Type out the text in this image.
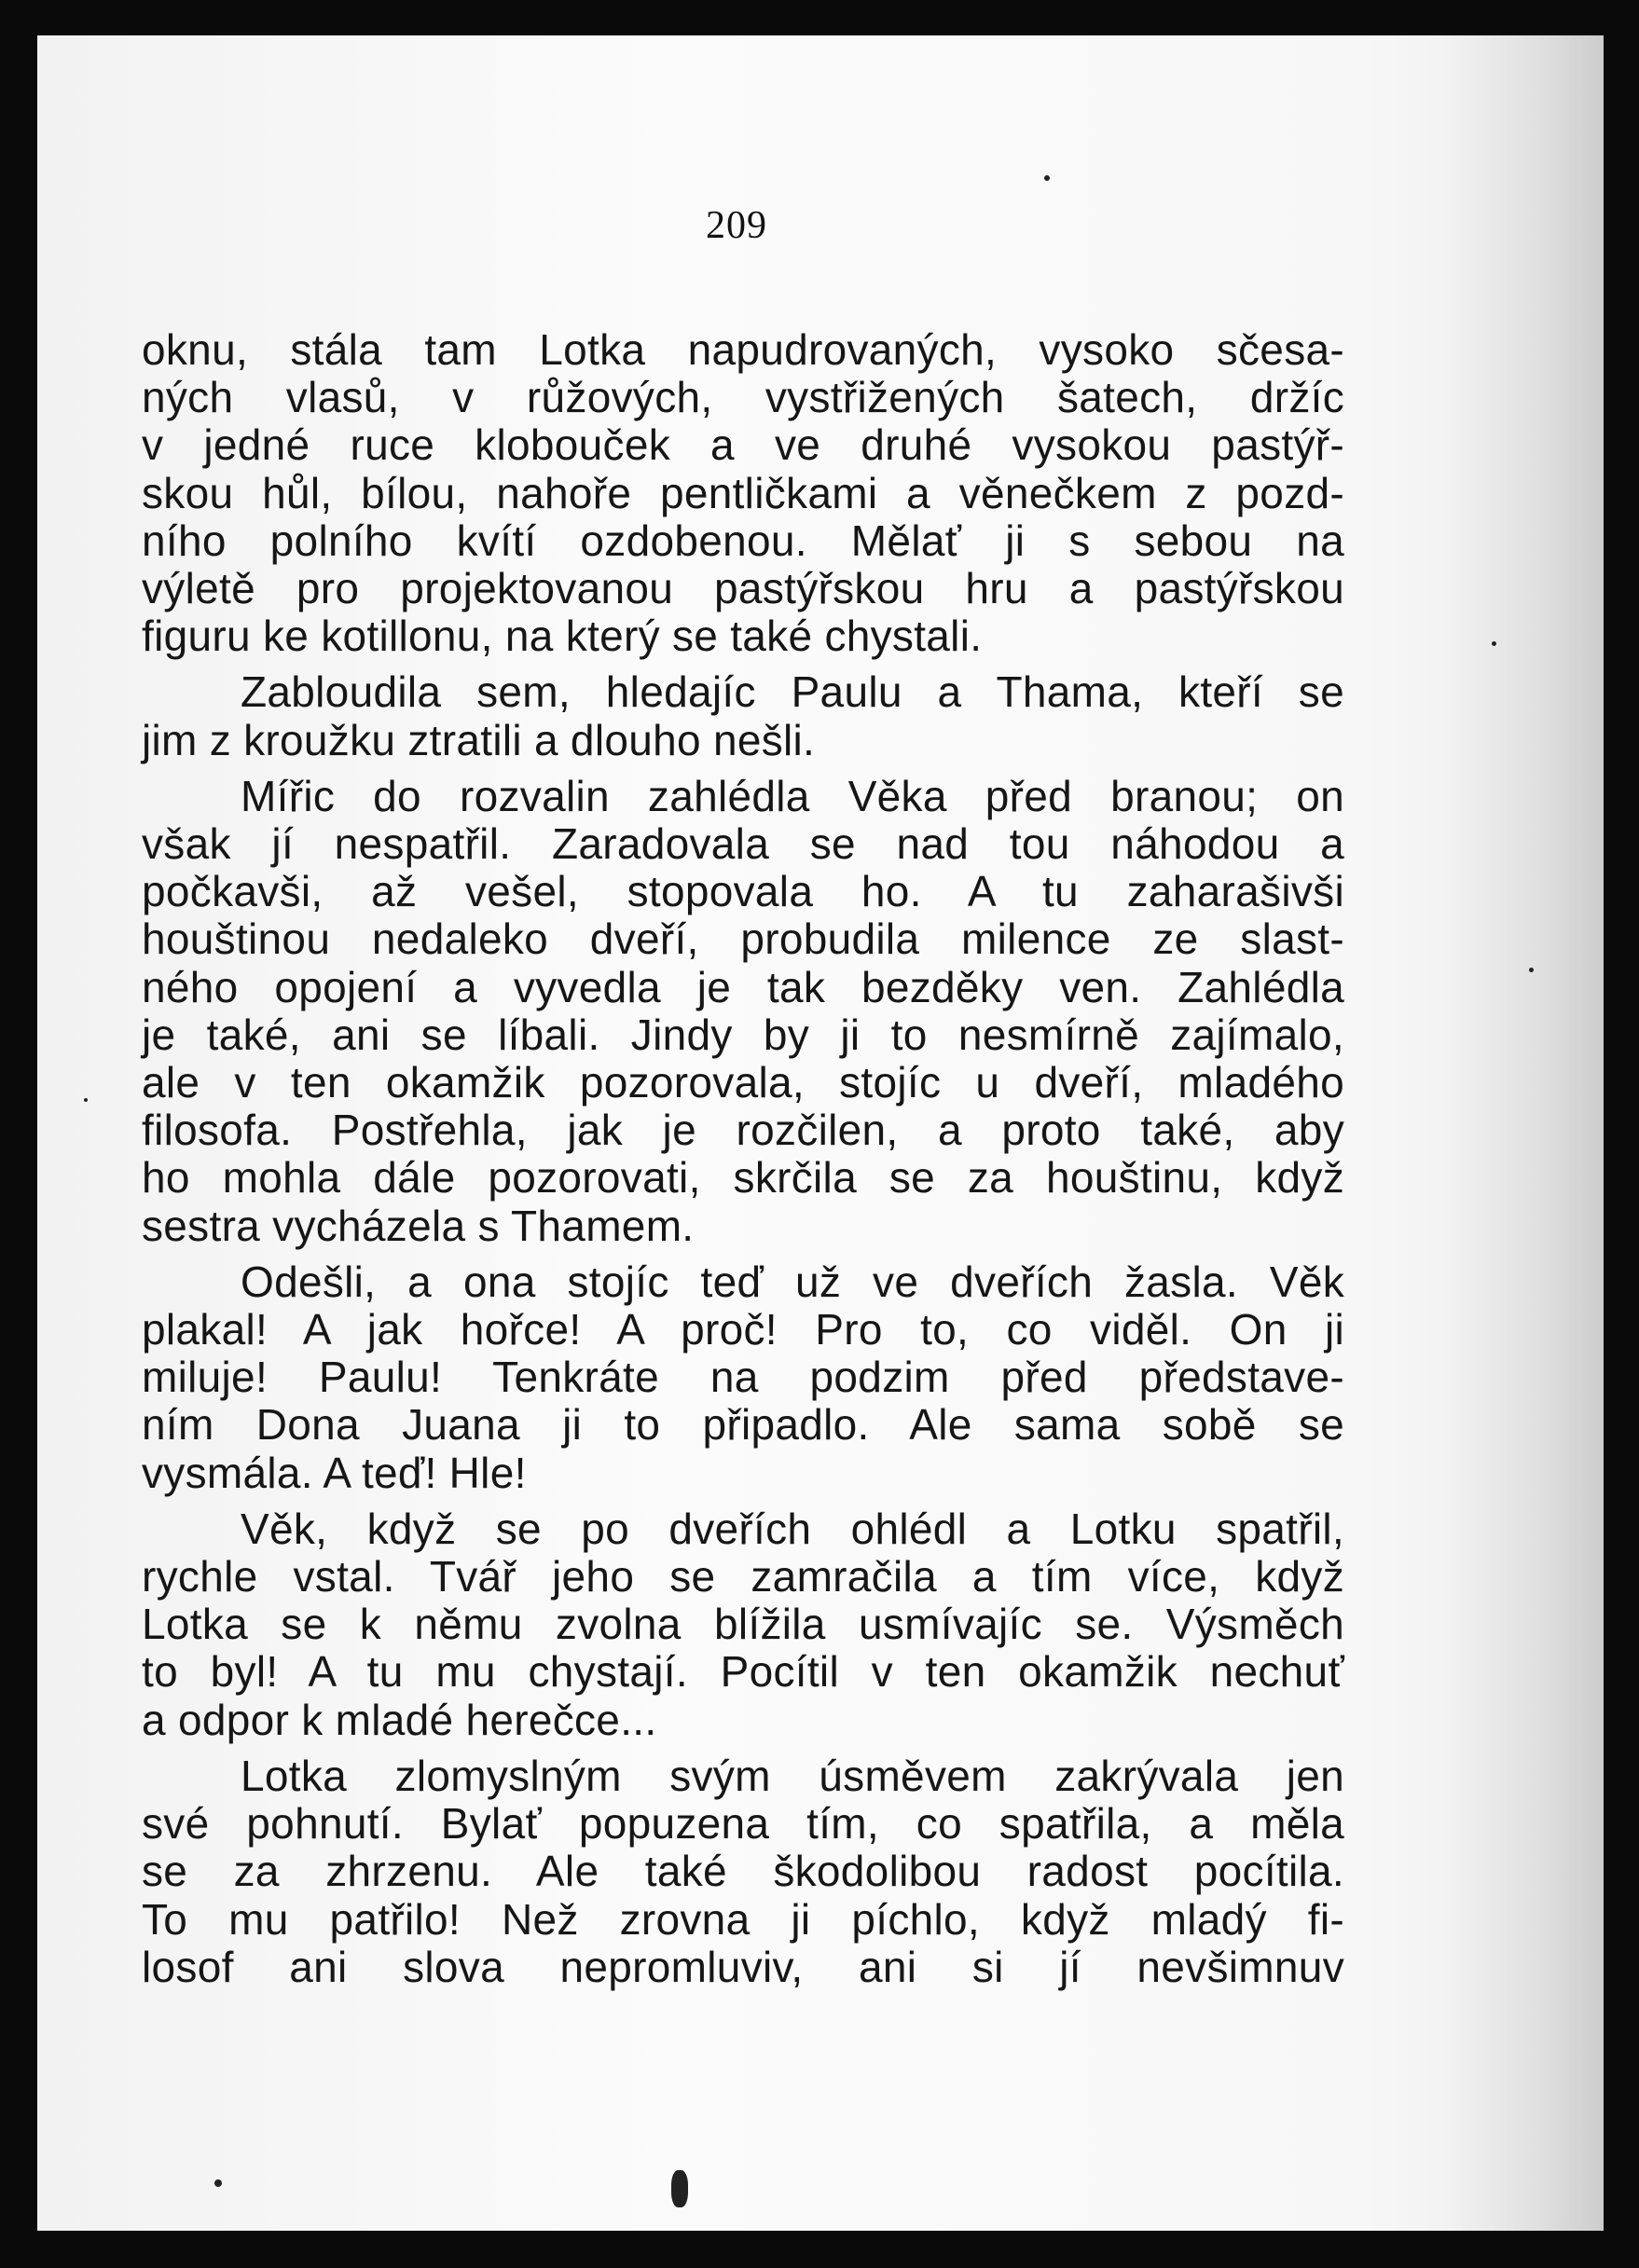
209

oknu, stála tam Lotka napudrovaných, vysoko sčesa-
ných vlasů, v růžových, vystřižených šatech, držíc
v jedné ruce klobouček a ve druhé vysokou pastýř-
skou hůl, bílou, nahoře pentličkami a věnečkem z pozd-
ního polního kvítí ozdobenou. Mělať ji s sebou na
výletě pro projektovanou pastýřskou hru a pastýřskou
figuru ke kotillonu, na který se také chystali.

Zabloudila sem, hledajíc Paulu a Thama, kteří se
jim z kroužku ztratili a dlouho nešli.

Mířic do rozvalin zahlédla Věka před branou; on
však jí nespatřil. Zaradovala se nad tou náhodou a
počkavši, až vešel, stopovala ho. A tu zaharašivši
houštinou nedaleko dveří, probudila milence ze slast-
ného opojení a vyvedla je tak bezděky ven. Zahlédla
je také, ani se líbali. Jindy by ji to nesmírně zajímalo,
ale v ten okamžik pozorovala, stojíc u dveří, mladého
filosofa. Postřehla, jak je rozčilen, a proto také, aby
ho mohla dále pozorovati, skrčila se za houštinu, když
sestra vycházela s Thamem.

Odešli, a ona stojíc teď už ve dveřích žasla. Věk
plakal! A jak hořce! A proč! Pro to, co viděl. On ji
miluje! Paulu! Tenkráte na podzim před představe-
ním Dona Juana ji to připadlo. Ale sama sobě se
vysmála. A teď! Hle!

Věk, když se po dveřích ohlédl a Lotku spatřil,
rychle vstal. Tvář jeho se zamračila a tím více, když
Lotka se k němu zvolna blížila usmívajíc se. Výsměch
to byl! A tu mu chystají. Pocítil v ten okamžik nechuť
a odpor k mladé herečce...

Lotka zlomyslným svým úsměvem zakrývala jen
své pohnutí. Bylať popuzena tím, co spatřila, a měla
se za zhrzenu. Ale také škodolibou radost pocítila.
To mu patřilo! Než zrovna ji píchlo, když mladý fi-
losof ani slova nepromluviv, ani si jí nevšimnuv
